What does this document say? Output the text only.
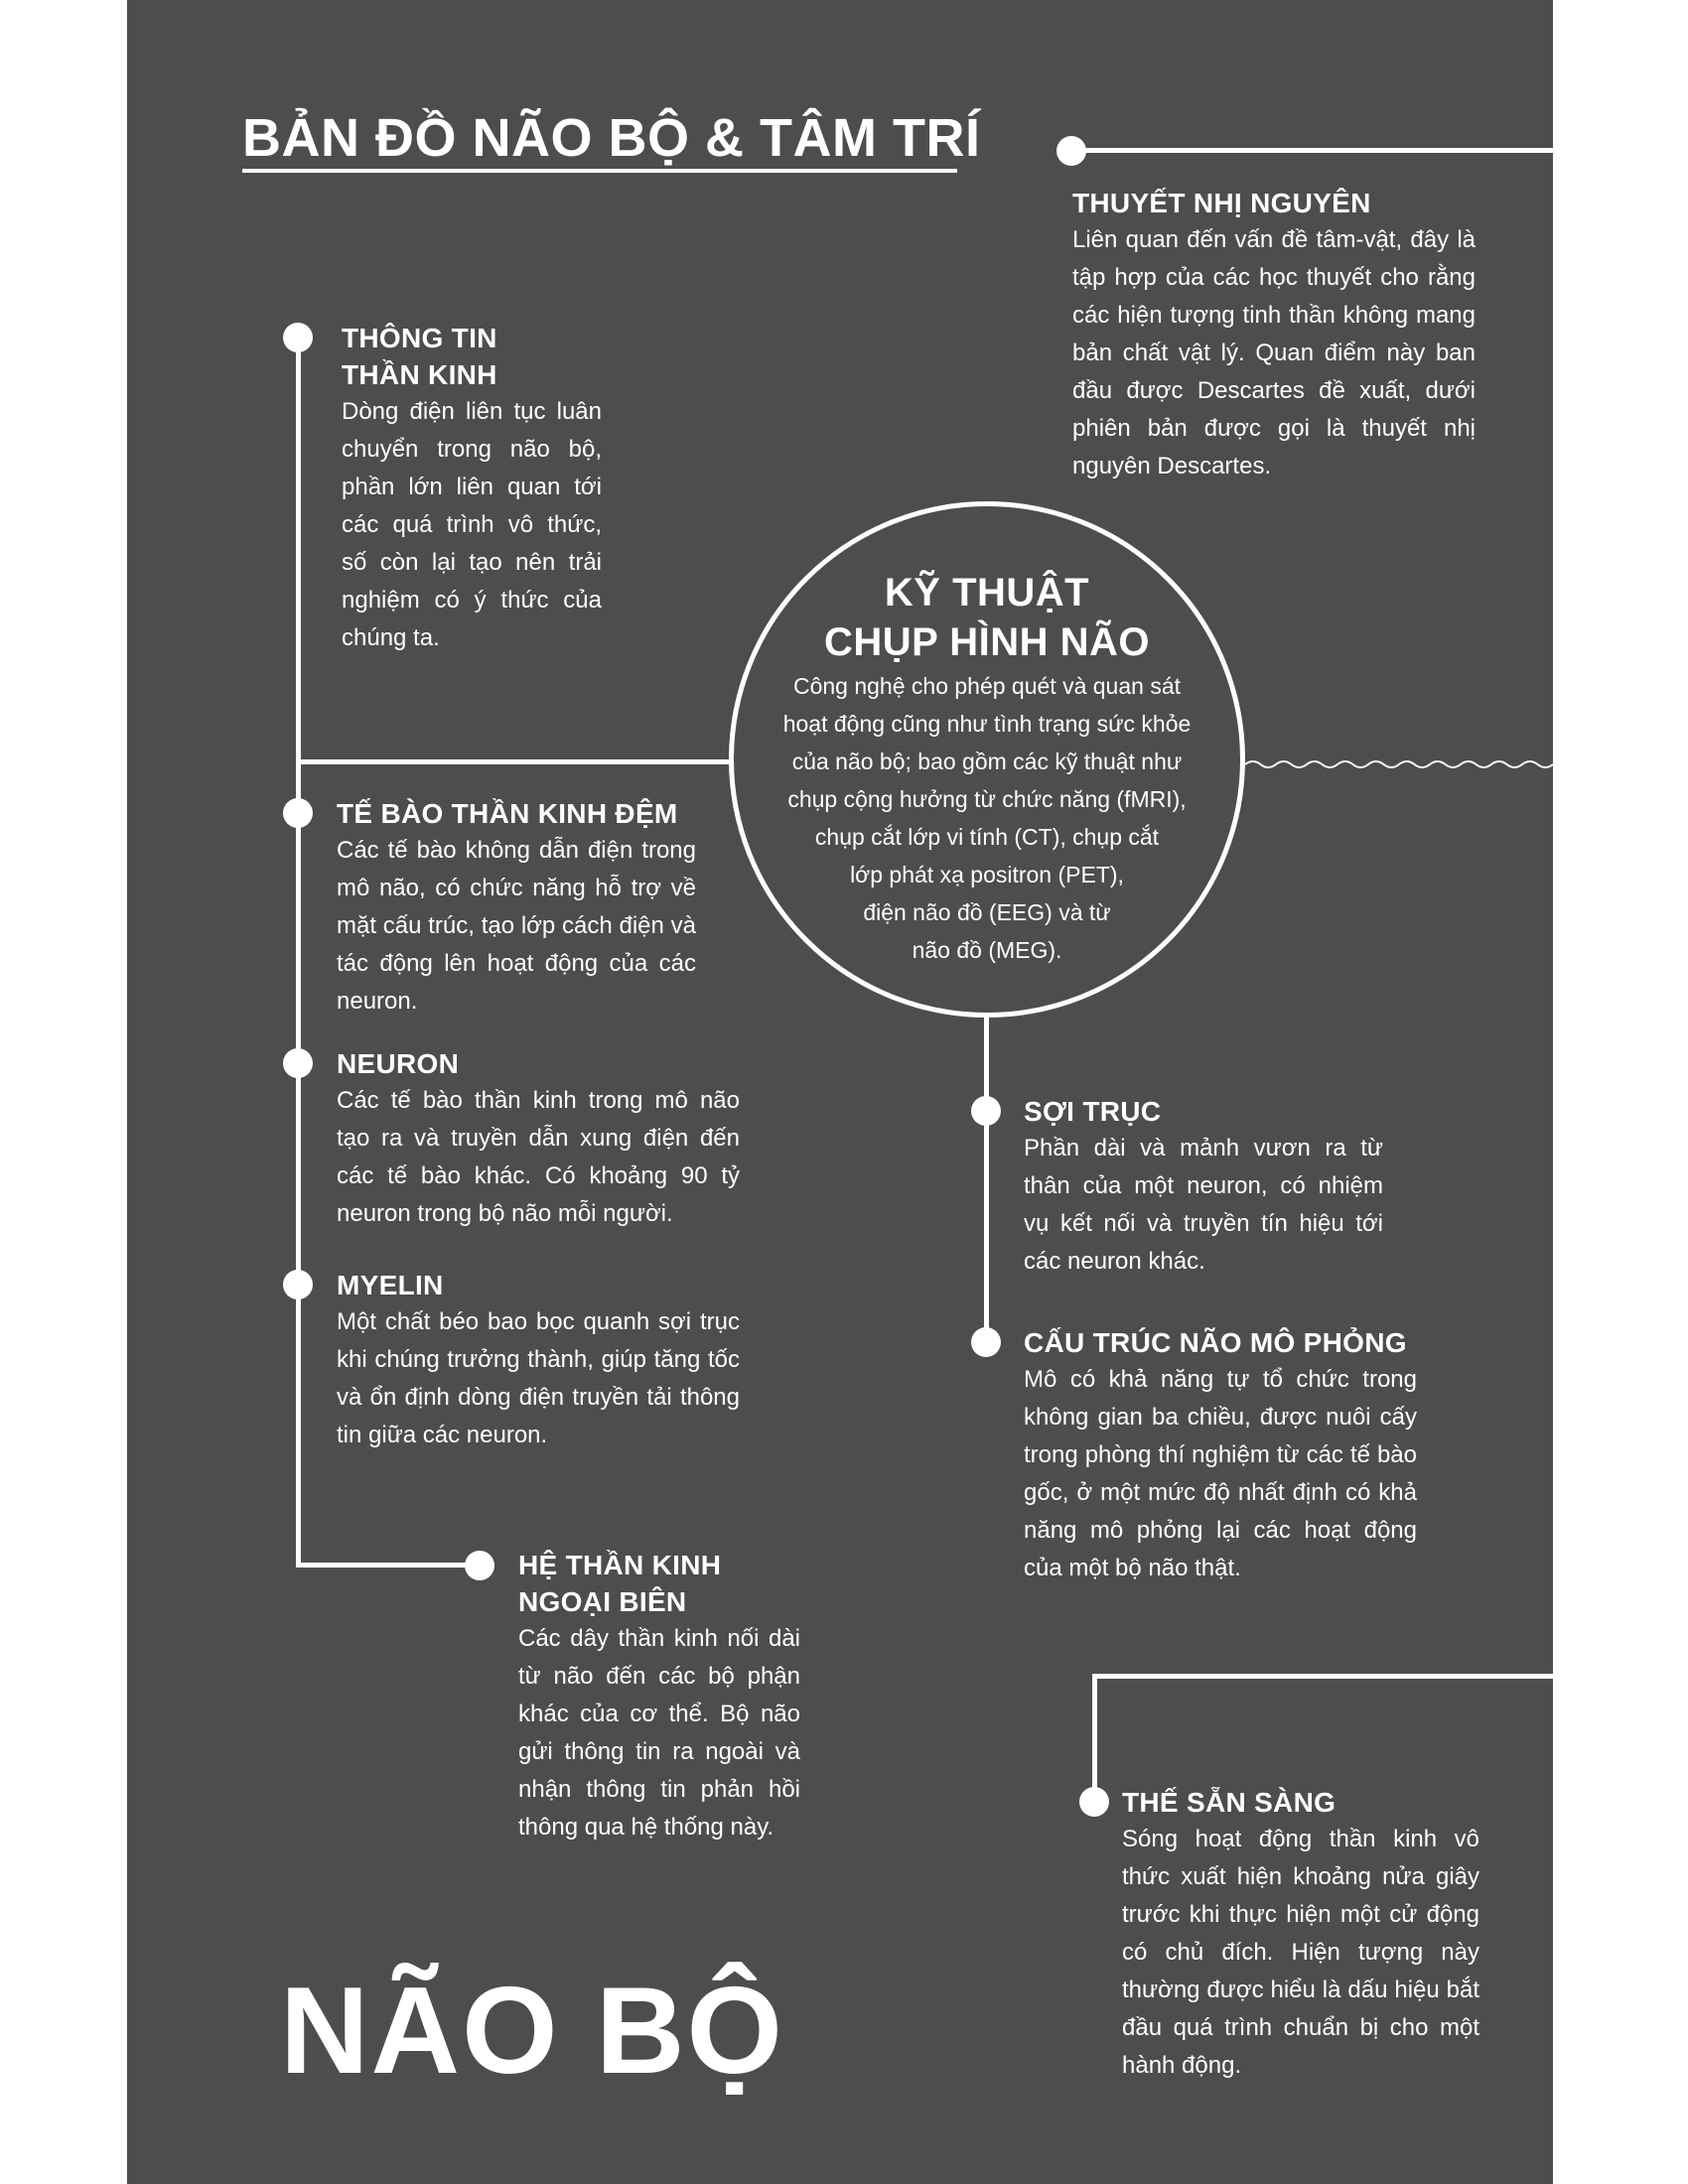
BẢN ĐỒ NÃO BỘ & TÂM TRÍ
KỸ THUẬT
CHỤP HÌNH NÃO
Công nghệ cho phép quét và quan sát
hoạt động cũng như tình trạng sức khỏe
của não bộ; bao gồm các kỹ thuật như
chụp cộng hưởng từ chức năng (fMRI),
chụp cắt lớp vi tính (CT), chụp cắt
lớp phát xạ positron (PET),
điện não đồ (EEG) và từ
não đồ (MEG).
THUYẾT NHỊ NGUYÊN
Liên quan đến vấn đề tâm-vật, đây là tập hợp của các học thuyết cho rằng các hiện tượng tinh thần không mang bản chất vật lý. Quan điểm này ban đầu được Descartes đề xuất, dưới phiên bản được gọi là thuyết nhị nguyên Descartes.
THÔNG TIN
THẦN KINH
Dòng điện liên tục luân chuyển trong não bộ, phần lớn liên quan tới các quá trình vô thức, số còn lại tạo nên trải nghiệm có ý thức của chúng ta.
TẾ BÀO THẦN KINH ĐỆM
Các tế bào không dẫn điện trong mô não, có chức năng hỗ trợ về mặt cấu trúc, tạo lớp cách điện và tác động lên hoạt động của các neuron.
NEURON
Các tế bào thần kinh trong mô não tạo ra và truyền dẫn xung điện đến các tế bào khác. Có khoảng 90 tỷ neuron trong bộ não mỗi người.
MYELIN
Một chất béo bao bọc quanh sợi trục khi chúng trưởng thành, giúp tăng tốc và ổn định dòng điện truyền tải thông tin giữa các neuron.
HỆ THẦN KINH
NGOẠI BIÊN
Các dây thần kinh nối dài từ não đến các bộ phận khác của cơ thể. Bộ não gửi thông tin ra ngoài và nhận thông tin phản hồi thông qua hệ thống này.
SỢI TRỤC
Phần dài và mảnh vươn ra từ thân của một neuron, có nhiệm vụ kết nối và truyền tín hiệu tới các neuron khác.
CẤU TRÚC NÃO MÔ PHỎNG
Mô có khả năng tự tổ chức trong không gian ba chiều, được nuôi cấy trong phòng thí nghiệm từ các tế bào gốc, ở một mức độ nhất định có khả năng mô phỏng lại các hoạt động của một bộ não thật.
THẾ SẴN SÀNG
Sóng hoạt động thần kinh vô thức xuất hiện khoảng nửa giây trước khi thực hiện một cử động có chủ đích. Hiện tượng này thường được hiểu là dấu hiệu bắt đầu quá trình chuẩn bị cho một hành động.
NÃO BỘ
